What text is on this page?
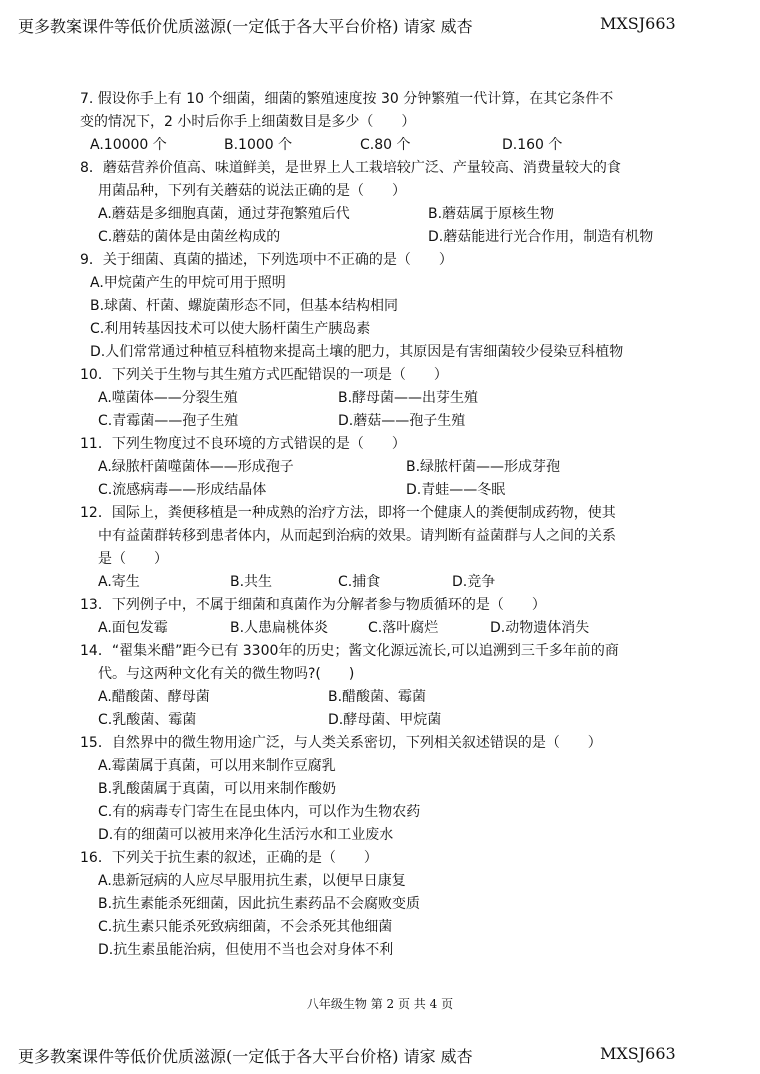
更多教案课件等低价优质滋源(一定低于各大平台价格) 请家 威杏	MXSJ663
7. 假设你手上有 10 个细菌，细菌的繁殖速度按 30 分钟繁殖一代计算，在其它条件不
变的情况下，2 小时后你手上细菌数目是多少（　　）
A.10000 个	B.1000 个	C.80 个	D.160 个
8．蘑菇营养价值高、味道鲜美，是世界上人工栽培较广泛、产量较高、消费量较大的食
用菌品种，下列有关蘑菇的说法正确的是（　　）
A.蘑菇是多细胞真菌，通过芽孢繁殖后代	B.蘑菇属于原核生物
C.蘑菇的菌体是由菌丝构成的	D.蘑菇能进行光合作用，制造有机物
9．关于细菌、真菌的描述，下列选项中不正确的是（　　）
A.甲烷菌产生的甲烷可用于照明
B.球菌、杆菌、螺旋菌形态不同，但基本结构相同
C.利用转基因技术可以使大肠杆菌生产胰岛素
D.人们常常通过种植豆科植物来提高土壤的肥力，其原因是有害细菌较少侵染豆科植物
10．下列关于生物与其生殖方式匹配错误的一项是（　　）
A.噬菌体——分裂生殖	B.酵母菌——出芽生殖
C.青霉菌——孢子生殖	D.蘑菇——孢子生殖
11．下列生物度过不良环境的方式错误的是（　　）
A.绿脓杆菌噬菌体——形成孢子	B.绿脓杆菌——形成芽孢
C.流感病毒——形成结晶体	D.青蛙——冬眠
12．国际上，粪便移植是一种成熟的治疗方法，即将一个健康人的粪便制成药物，使其
中有益菌群转移到患者体内，从而起到治病的效果。请判断有益菌群与人之间的关系
是（　　）
A.寄生	B.共生	C.捕食	D.竞争
13．下列例子中，不属于细菌和真菌作为分解者参与物质循环的是（　　）
A.面包发霉	B.人患扁桃体炎	C.落叶腐烂	D.动物遗体消失
14．“翟集米醋”距今已有 3300年的历史；酱文化源远流长,可以追溯到三千多年前的商
代。与这两种文化有关的微生物吗?(　　)
A.醋酸菌、酵母菌	B.醋酸菌、霉菌
C.乳酸菌、霉菌	D.酵母菌、甲烷菌
15．自然界中的微生物用途广泛，与人类关系密切，下列相关叙述错误的是（　　）
A.霉菌属于真菌，可以用来制作豆腐乳
B.乳酸菌属于真菌，可以用来制作酸奶
C.有的病毒专门寄生在昆虫体内，可以作为生物农药
D.有的细菌可以被用来净化生活污水和工业废水
16．下列关于抗生素的叙述，正确的是（　　）
A.患新冠病的人应尽早服用抗生素，以便早日康复
B.抗生素能杀死细菌，因此抗生素药品不会腐败变质
C.抗生素只能杀死致病细菌，不会杀死其他细菌
D.抗生素虽能治病，但使用不当也会对身体不利
八年级生物 第 2 页 共 4 页
更多教案课件等低价优质滋源(一定低于各大平台价格) 请家 威杏	MXSJ663
